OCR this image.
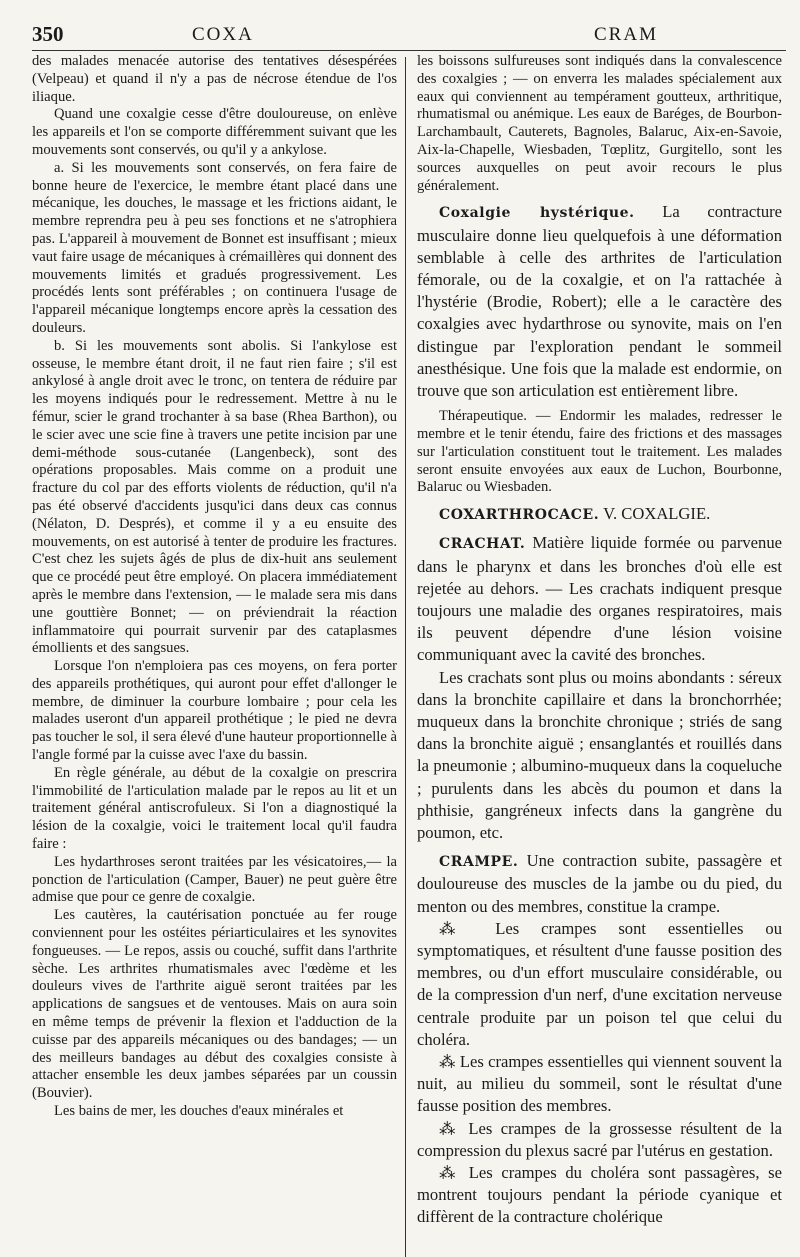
350	COXA	CRAM

des malades menacée autorise des tentatives désespérées (Velpeau) et quand il n'y a pas de nécrose étendue de l'os iliaque.

Quand une coxalgie cesse d'être douloureuse, on enlève les appareils et l'on se comporte différemment suivant que les mouvements sont conservés, ou qu'il y a ankylose.

a. Si les mouvements sont conservés, on fera faire de bonne heure de l'exercice, le membre étant placé dans une mécanique, les douches, le massage et les frictions aidant, le membre reprendra peu à peu ses fonctions et ne s'atrophiera pas. L'appareil à mouvement de Bonnet est insuffisant ; mieux vaut faire usage de mécaniques à crémaillères qui donnent des mouvements limités et gradués progressivement. Les procédés lents sont préférables ; on continuera l'usage de l'appareil mécanique longtemps encore après la cessation des douleurs.

b. Si les mouvements sont abolis. Si l'ankylose est osseuse, le membre étant droit, il ne faut rien faire ; s'il est ankylosé à angle droit avec le tronc, on tentera de réduire par les moyens indiqués pour le redressement. Mettre à nu le fémur, scier le grand trochanter à sa base (Rhea Barthon), ou le scier avec une scie fine à travers une petite incision par une demi-méthode sous-cutanée (Langenbeck), sont des opérations proposables. Mais comme on a produit une fracture du col par des efforts violents de réduction, qu'il n'a pas été observé d'accidents jusqu'ici dans deux cas connus (Nélaton, D. Després), et comme il y a eu ensuite des mouvements, on est autorisé à tenter de produire les fractures. C'est chez les sujets âgés de plus de dix-huit ans seulement que ce procédé peut être employé. On placera immédiatement après le membre dans l'extension, — le malade sera mis dans une gouttière Bonnet; — on préviendrait la réaction inflammatoire qui pourrait survenir par des cataplasmes émollients et des sangsues.

Lorsque l'on n'emploiera pas ces moyens, on fera porter des appareils prothétiques, qui auront pour effet d'allonger le membre, de diminuer la courbure lombaire ; pour cela les malades useront d'un appareil prothétique ; le pied ne devra pas toucher le sol, il sera élevé d'une hauteur proportionnelle à l'angle formé par la cuisse avec l'axe du bassin.

En règle générale, au début de la coxalgie on prescrira l'immobilité de l'articulation malade par le repos au lit et un traitement général antiscrofuleux. Si l'on a diagnostiqué la lésion de la coxalgie, voici le traitement local qu'il faudra faire :

Les hydarthroses seront traitées par les vésicatoires,— la ponction de l'articulation (Camper, Bauer) ne peut guère être admise que pour ce genre de coxalgie.

Les cautères, la cautérisation ponctuée au fer rouge conviennent pour les ostéites périarticulaires et les synovites fongueuses. — Le repos, assis ou couché, suffit dans l'arthrite sèche. Les arthrites rhumatismales avec l'œdème et les douleurs vives de l'arthrite aiguë seront traitées par les applications de sangsues et de ventouses. Mais on aura soin en même temps de prévenir la flexion et l'adduction de la cuisse par des appareils mécaniques ou des bandages; — un des meilleurs bandages au début des coxalgies consiste à attacher ensemble les deux jambes séparées par un coussin (Bouvier).

Les bains de mer, les douches d'eaux minérales et

les boissons sulfureuses sont indiqués dans la convalescence des coxalgies ; — on enverra les malades spécialement aux eaux qui conviennent au tempérament goutteux, arthritique, rhumatismal ou anémique. Les eaux de Baréges, de Bourbon-Larchambault, Cauterets, Bagnoles, Balaruc, Aix-en-Savoie, Aix-la-Chapelle, Wiesbaden, Tœplitz, Gurgitello, sont les sources auxquelles on peut avoir recours le plus généralement.

Coxalgie hystérique. La contracture musculaire donne lieu quelquefois à une déformation semblable à celle des arthrites de l'articulation fémorale, ou de la coxalgie, et on l'a rattachée à l'hystérie (Brodie, Robert); elle a le caractère des coxalgies avec hydarthrose ou synovite, mais on l'en distingue par l'exploration pendant le sommeil anesthésique. Une fois que la malade est endormie, on trouve que son articulation est entièrement libre.

Thérapeutique. — Endormir les malades, redresser le membre et le tenir étendu, faire des frictions et des massages sur l'articulation constituent tout le traitement. Les malades seront ensuite envoyées aux eaux de Luchon, Bourbonne, Balaruc ou Wiesbaden.

COXARTHROCACE. V. COXALGIE.

CRACHAT. Matière liquide formée ou parvenue dans le pharynx et dans les bronches d'où elle est rejetée au dehors. — Les crachats indiquent presque toujours une maladie des organes respiratoires, mais ils peuvent dépendre d'une lésion voisine communiquant avec la cavité des bronches.

Les crachats sont plus ou moins abondants : séreux dans la bronchite capillaire et dans la bronchorrhée; muqueux dans la bronchite chronique ; striés de sang dans la bronchite aiguë ; ensanglantés et rouillés dans la pneumonie ; albumino-muqueux dans la coqueluche ; purulents dans les abcès du poumon et dans la phthisie, gangréneux infects dans la gangrène du poumon, etc.

CRAMPE. Une contraction subite, passagère et douloureuse des muscles de la jambe ou du pied, du menton ou des membres, constitue la crampe.

⁂ Les crampes sont essentielles ou symptomatiques, et résultent d'une fausse position des membres, ou d'un effort musculaire considérable, ou de la compression d'un nerf, d'une excitation nerveuse centrale produite par un poison tel que celui du choléra.

⁂ Les crampes essentielles qui viennent souvent la nuit, au milieu du sommeil, sont le résultat d'une fausse position des membres.

⁂ Les crampes de la grossesse résultent de la compression du plexus sacré par l'utérus en gestation.

⁂ Les crampes du choléra sont passagères, se montrent toujours pendant la période cyanique et diffèrent de la contracture cholérique
